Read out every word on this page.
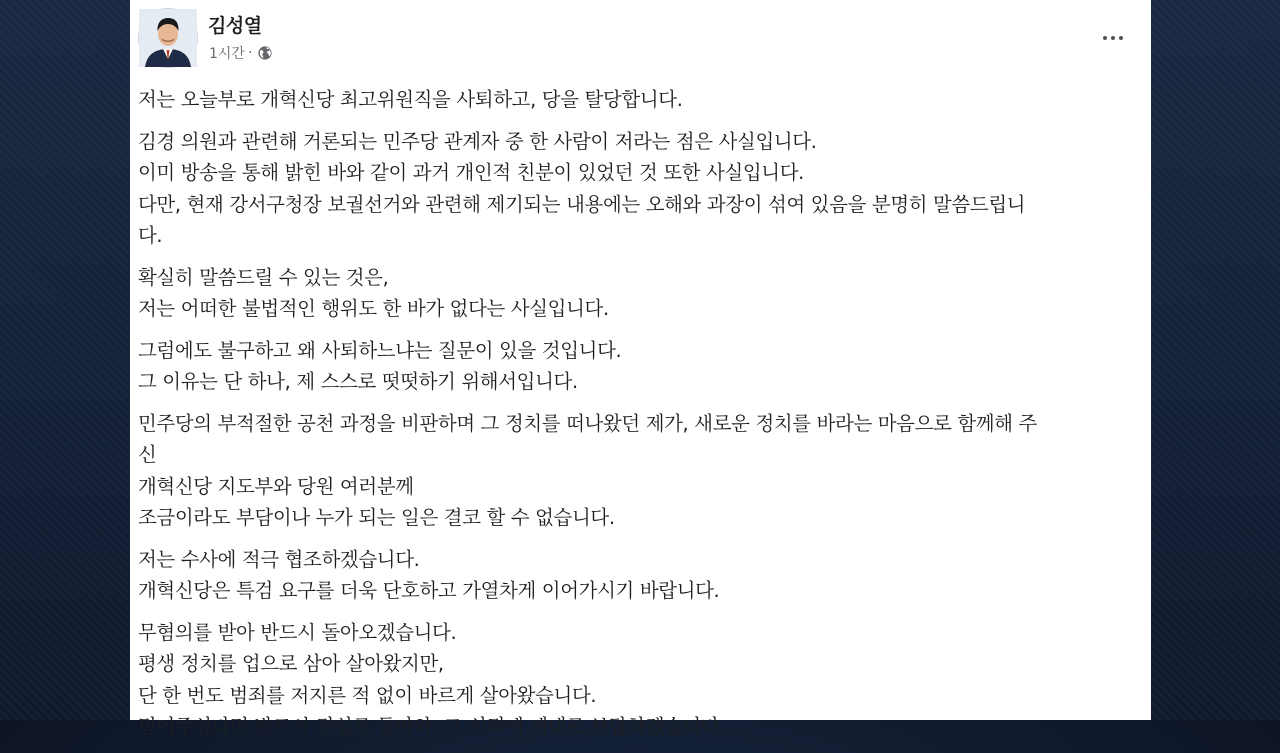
김성열
1시간 ·
저는 오늘부로 개혁신당 최고위원직을 사퇴하고, 당을 탈당합니다.
김경 의원과 관련해 거론되는 민주당 관계자 중 한 사람이 저라는 점은 사실입니다.
이미 방송을 통해 밝힌 바와 같이 과거 개인적 친분이 있었던 것 또한 사실입니다.
다만, 현재 강서구청장 보궐선거와 관련해 제기되는 내용에는 오해와 과장이 섞여 있음을 분명히 말씀드립니
다.
확실히 말씀드릴 수 있는 것은,
저는 어떠한 불법적인 행위도 한 바가 없다는 사실입니다.
그럼에도 불구하고 왜 사퇴하느냐는 질문이 있을 것입니다.
그 이유는 단 하나, 제 스스로 떳떳하기 위해서입니다.
민주당의 부적절한 공천 과정을 비판하며 그 정치를 떠나왔던 제가, 새로운 정치를 바라는 마음으로 함께해 주
신
개혁신당 지도부와 당원 여러분께
조금이라도 부담이나 누가 되는 일은 결코 할 수 없습니다.
저는 수사에 적극 협조하겠습니다.
개혁신당은 특검 요구를 더욱 단호하고 가열차게 이어가시기 바랍니다.
무혐의를 받아 반드시 돌아오겠습니다.
평생 정치를 업으로 삼아 살아왔지만,
단 한 번도 범죄를 저지른 적 없이 바르게 살아왔습니다.
믿어주신다면 반드시 진실로 돌아와, 그 신뢰에 제대로 보답하겠습니다.
